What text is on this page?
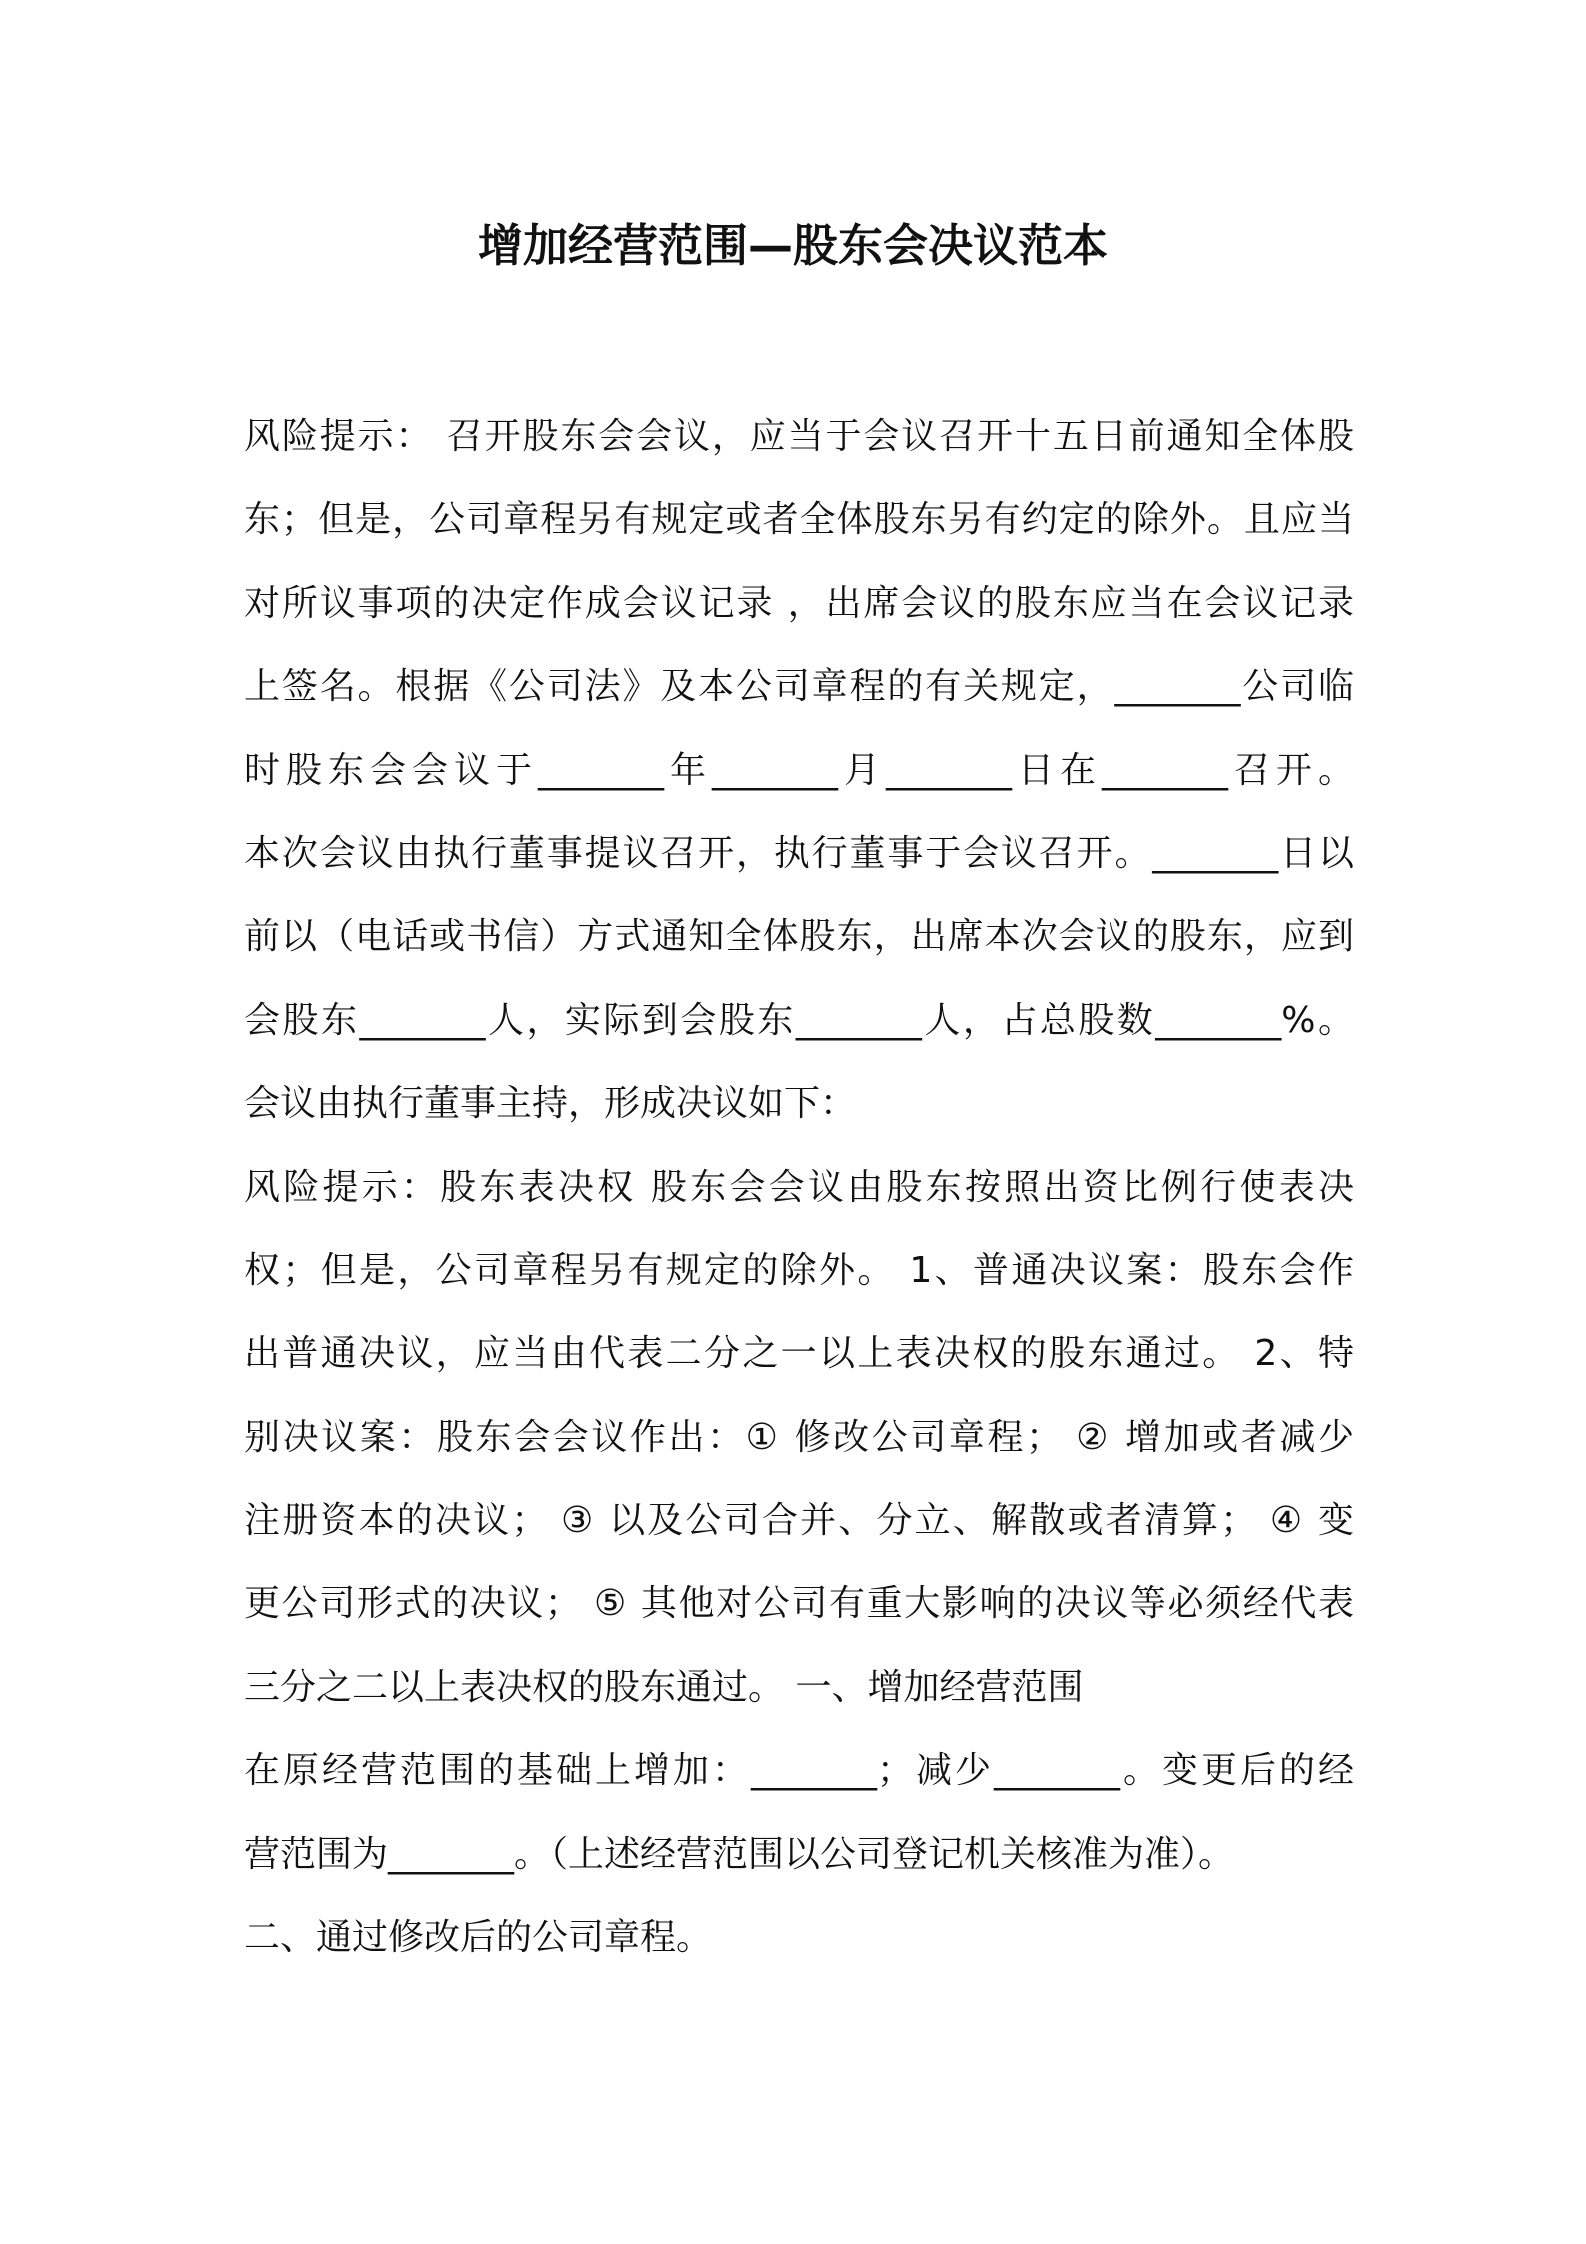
增加经营范围—股东会决议范本
风险提示： 召开股东会会议，应当于会议召开十五日前通知全体股
东；但是，公司章程另有规定或者全体股东另有约定的除外。且应当
对所议事项的决定作成会议记录 ，出席会议的股东应当在会议记录
上签名。根据《公司法》及本公司章程的有关规定，_______公司临
时股东会会议于_______年_______月_______日在_______召开。
本次会议由执行董事提议召开，执行董事于会议召开。_______日以
前以（电话或书信）方式通知全体股东，出席本次会议的股东，应到
会股东_______人，实际到会股东_______人，占总股数_______%。
会议由执行董事主持，形成决议如下：
风险提示：股东表决权 股东会会议由股东按照出资比例行使表决
权；但是，公司章程另有规定的除外。 1、普通决议案：股东会作
出普通决议，应当由代表二分之一以上表决权的股东通过。 2、特
别决议案：股东会会议作出：① 修改公司章程； ② 增加或者减少
注册资本的决议； ③ 以及公司合并、分立、解散或者清算； ④ 变
更公司形式的决议； ⑤ 其他对公司有重大影响的决议等必须经代表
三分之二以上表决权的股东通过。 一、增加经营范围
在原经营范围的基础上增加：_______；减少_______。变更后的经
营范围为_______。（上述经营范围以公司登记机关核准为准）。
二、通过修改后的公司章程。
